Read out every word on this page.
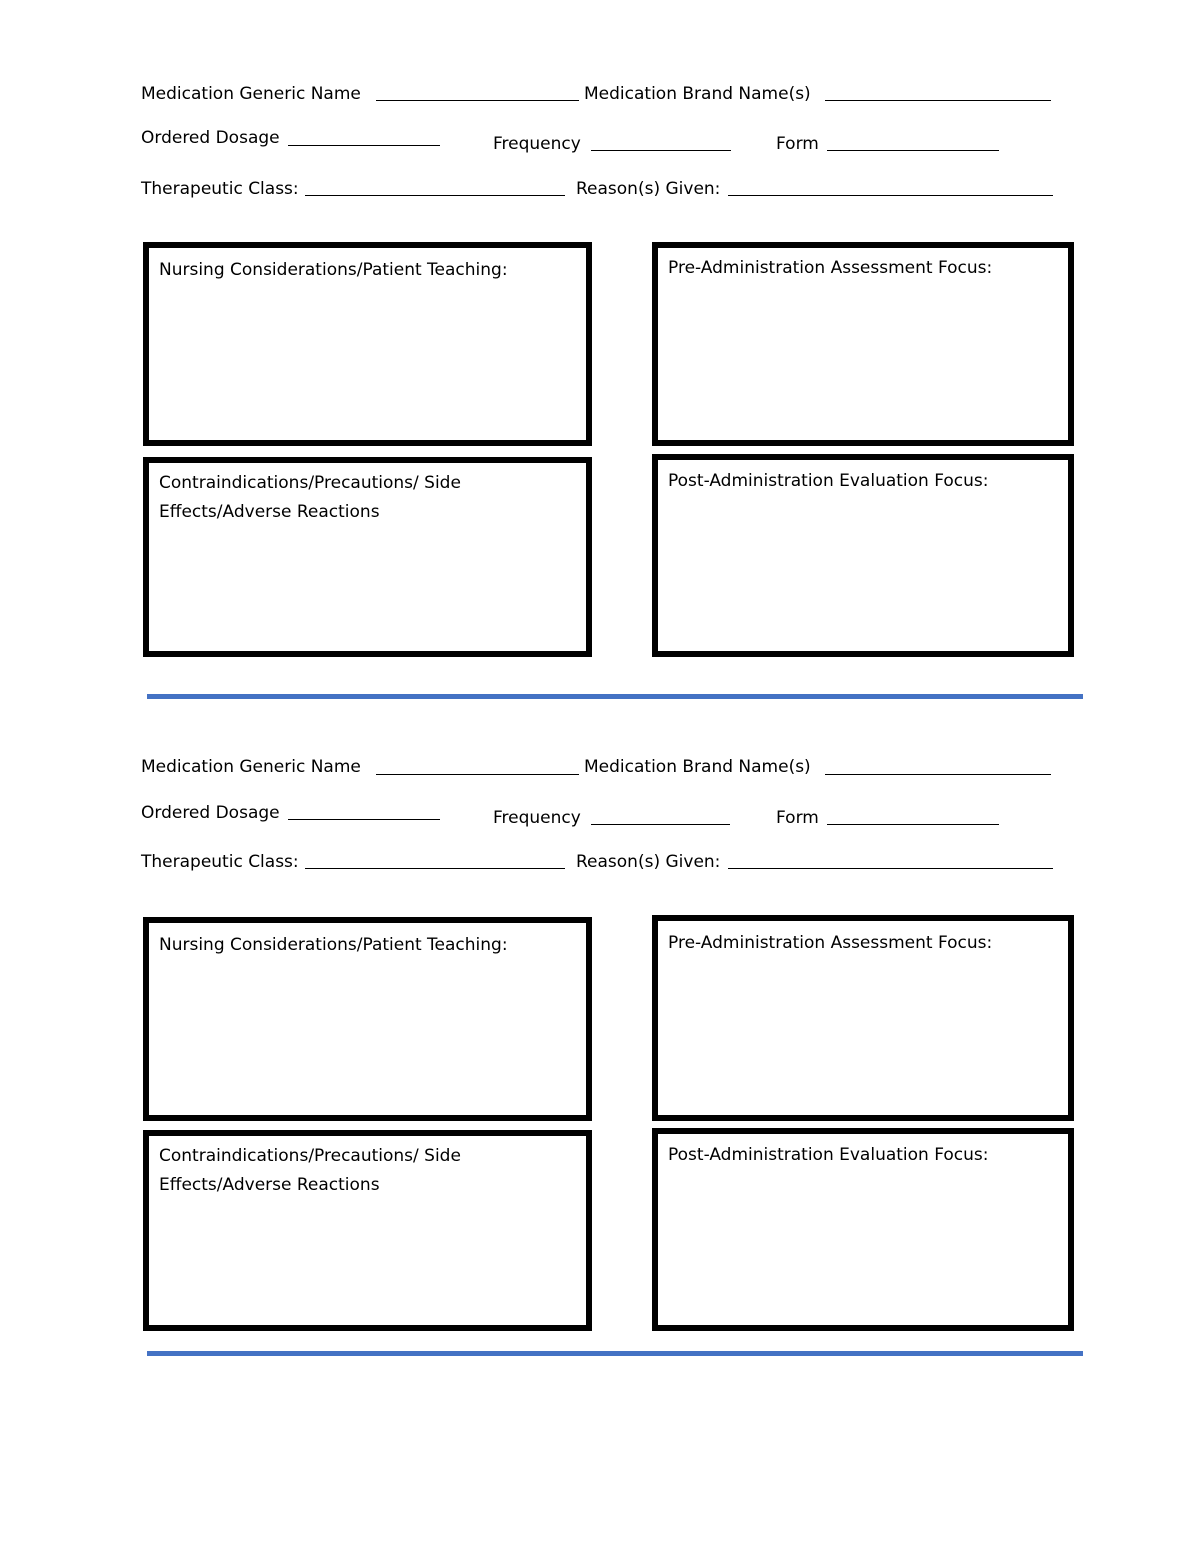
Medication Generic Name	Medication Brand Name(s)
Ordered Dosage	Frequency	Form
Therapeutic Class:	Reason(s) Given:
Nursing Considerations/Patient Teaching:	Pre-Administration Assessment Focus:
Contraindications/Precautions/ Side
Effects/Adverse Reactions
Post-Administration Evaluation Focus:
Medication Generic Name	Medication Brand Name(s)
Ordered Dosage	Frequency	Form
Therapeutic Class:	Reason(s) Given:
Nursing Considerations/Patient Teaching:	Pre-Administration Assessment Focus:
Contraindications/Precautions/ Side
Effects/Adverse Reactions
Post-Administration Evaluation Focus:
